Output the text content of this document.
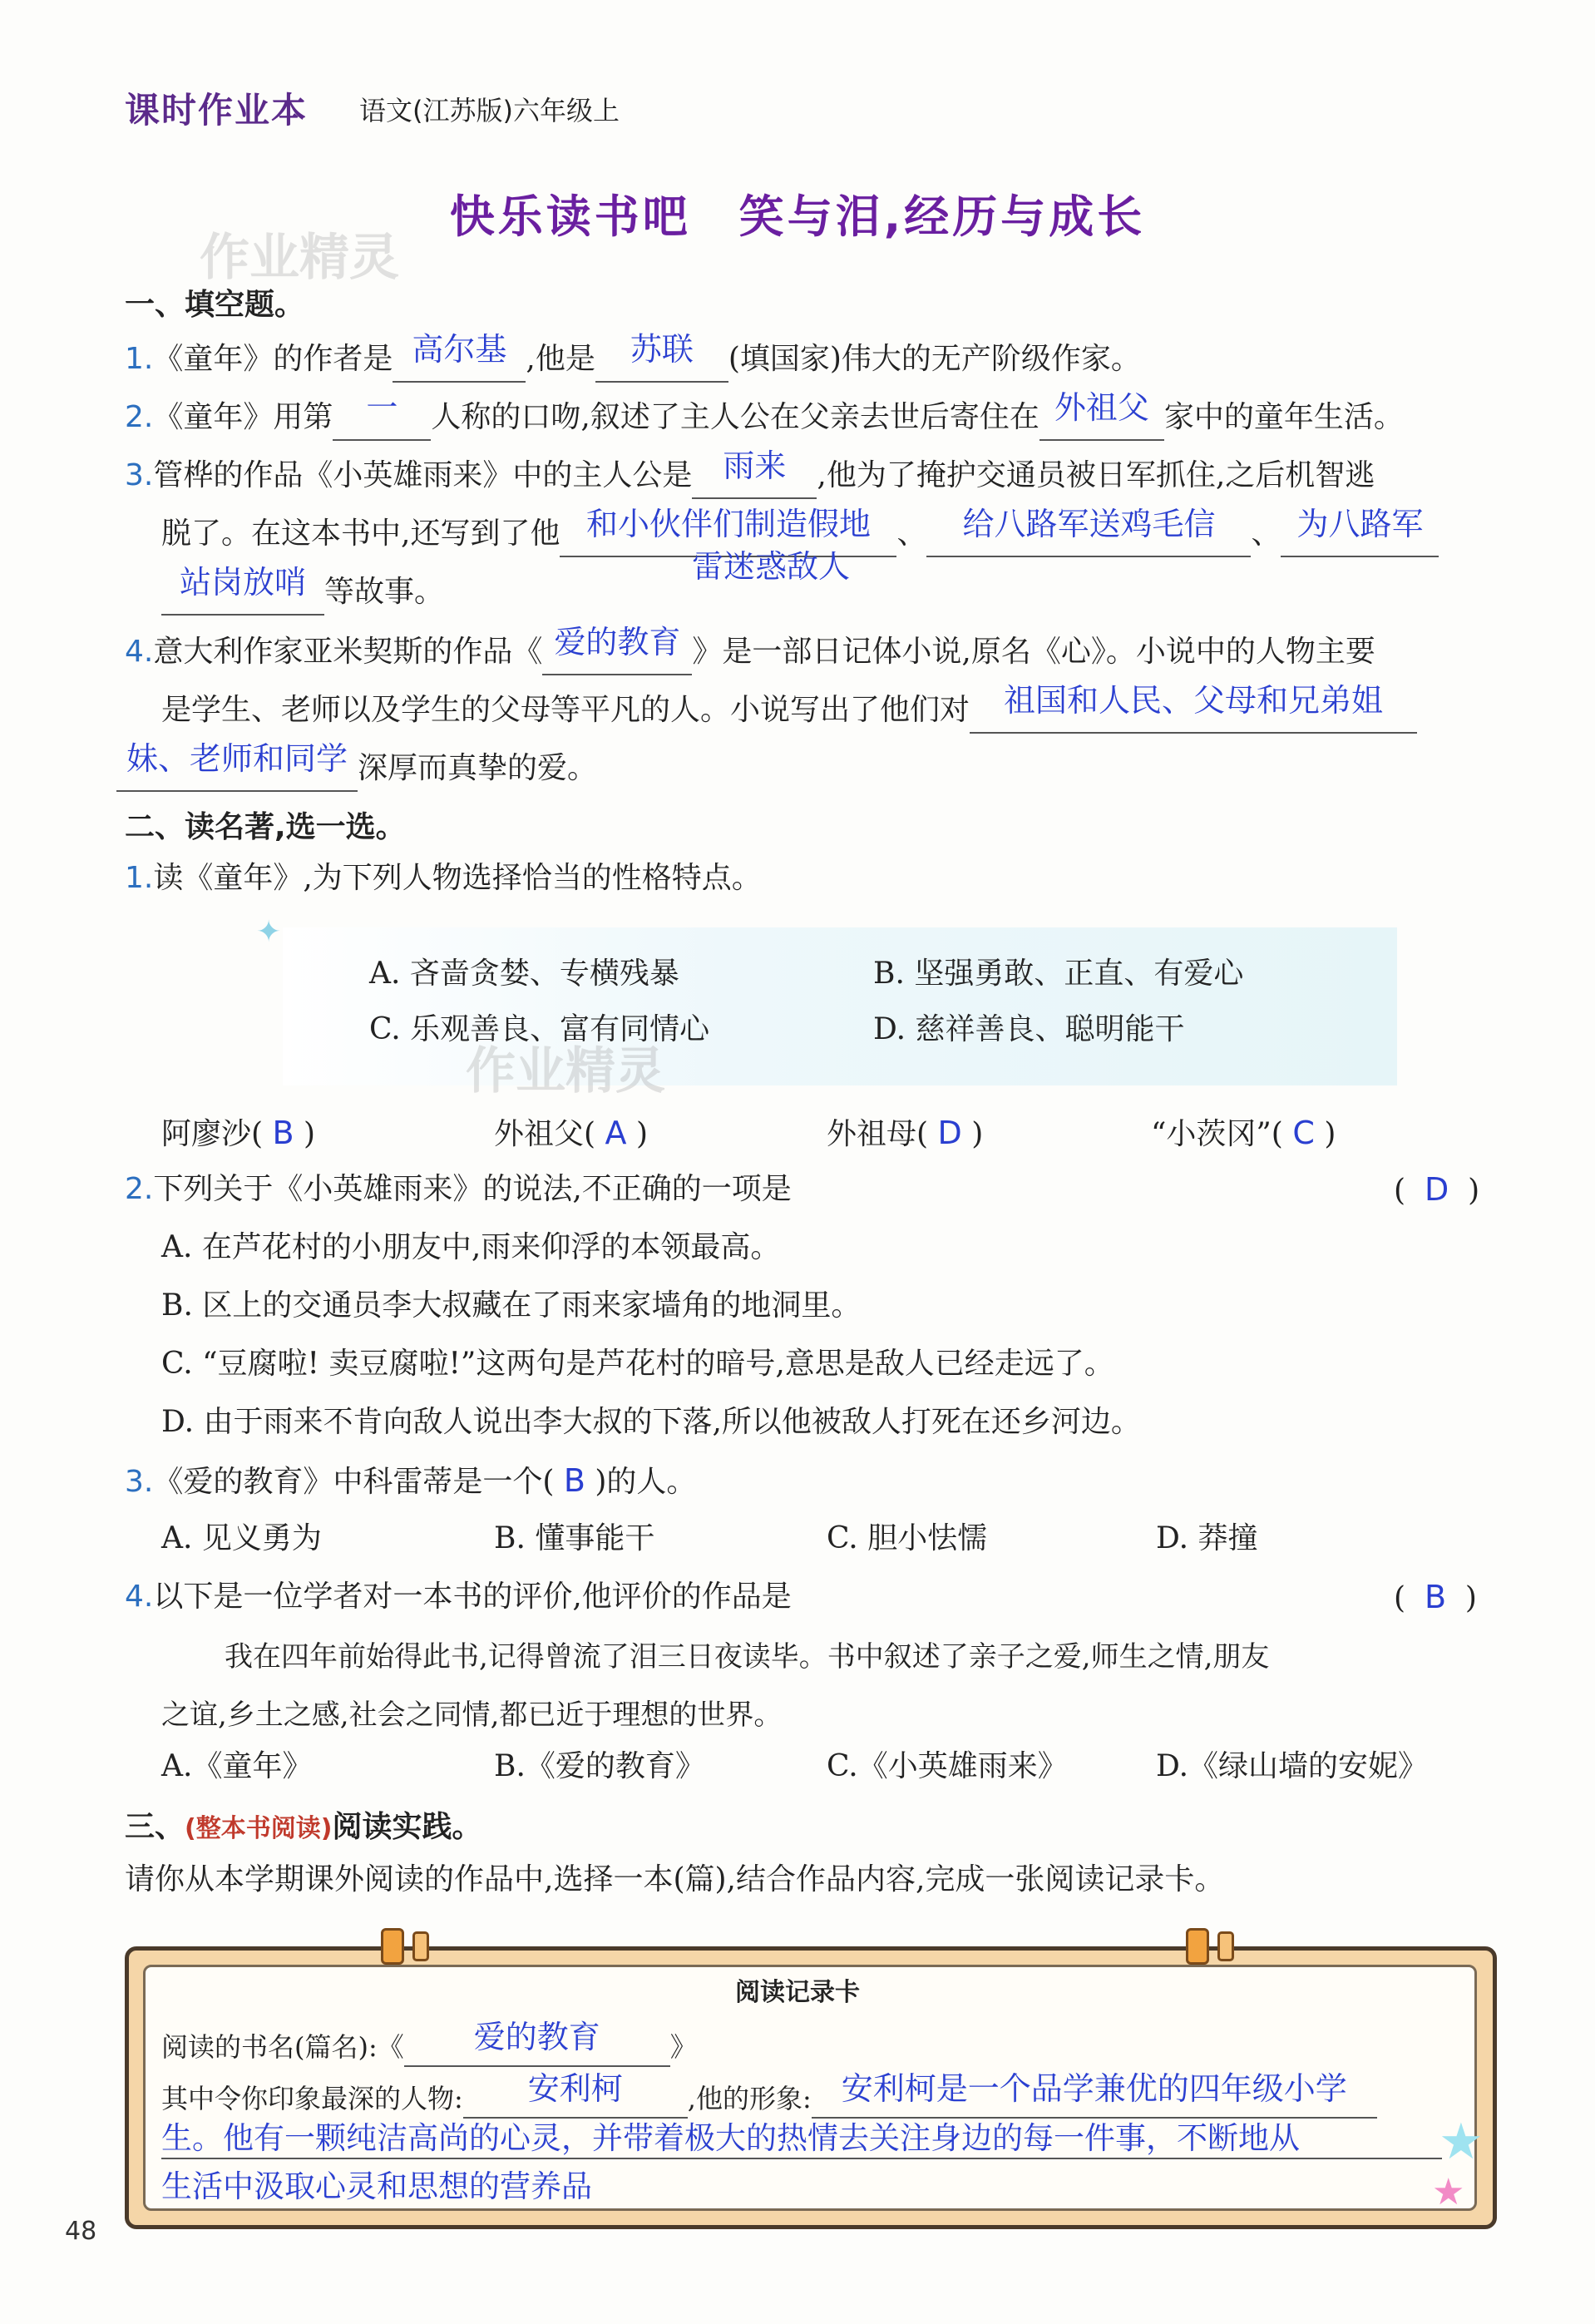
课时作业本 语文(江苏版)六年级上
快乐读书吧　笑与泪,经历与成长
作业精灵
一、填空题。
1.《童年》的作者是 高尔基 ,他是 苏联 (填国家)伟大的无产阶级作家。
2.《童年》用第 一 人称的口吻,叙述了主人公在父亲去世后寄住在 外祖父 家中的童年生活。
3.管桦的作品《小英雄雨来》中的主人公是 雨来 ,他为了掩护交通员被日军抓住,之后机智逃
脱了。在这本书中,还写到了他 和小伙伴们制造假地 、 给八路军送鸡毛信 、 为八路军
雷迷惑敌人
站岗放哨 等故事。
4.意大利作家亚米契斯的作品《 爱的教育 》是一部日记体小说,原名《心》。小说中的人物主要
是学生、老师以及学生的父母等平凡的人。小说写出了他们对 祖国和人民、父母和兄弟姐
妹、老师和同学 深厚而真挚的爱。
二、读名著,选一选。
1.读《童年》,为下列人物选择恰当的性格特点。
✦
A. 吝啬贪婪、专横残暴	B. 坚强勇敢、正直、有爱心
C. 乐观善良、富有同情心	D. 慈祥善良、聪明能干
作业精灵
阿廖沙( B )	外祖父( A )	外祖母( D )	“小茨冈”( C )
2.下列关于《小英雄雨来》的说法,不正确的一项是	( D )
A. 在芦花村的小朋友中,雨来仰浮的本领最高。
B. 区上的交通员李大叔藏在了雨来家墙角的地洞里。
C. “豆腐啦! 卖豆腐啦!”这两句是芦花村的暗号,意思是敌人已经走远了。
D. 由于雨来不肯向敌人说出李大叔的下落,所以他被敌人打死在还乡河边。
3.《爱的教育》中科雷蒂是一个( B )的人。
A. 见义勇为	B. 懂事能干	C. 胆小怯懦	D. 莽撞
4.以下是一位学者对一本书的评价,他评价的作品是	( B )
我在四年前始得此书,记得曾流了泪三日夜读毕。书中叙述了亲子之爱,师生之情,朋友
之谊,乡土之感,社会之同情,都已近于理想的世界。
A.《童年》	B.《爱的教育》	C.《小英雄雨来》	D.《绿山墙的安妮》
三、(整本书阅读)阅读实践。
请你从本学期课外阅读的作品中,选择一本(篇),结合作品内容,完成一张阅读记录卡。
阅读记录卡
阅读的书名(篇名):《 爱的教育	》
其中令你印象最深的人物: 安利柯 ,他的形象: 安利柯是一个品学兼优的四年级小学
生。他有一颗纯洁高尚的心灵，并带着极大的热情去关注身边的每一件事，不断地从
生活中汲取心灵和思想的营养品
★
★
48
